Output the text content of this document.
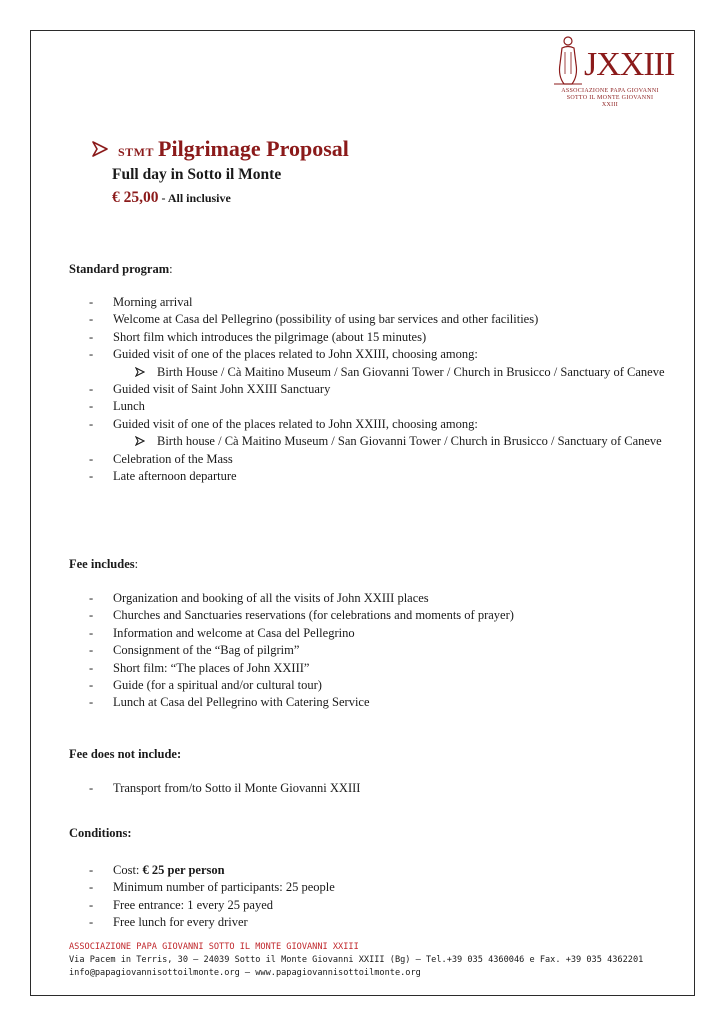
JXXIII
ASSOCIAZIONE PAPA GIOVANNI
SOTTO IL MONTE GIOVANNI XXIII
STMT Pilgrimage Proposal
Full day in Sotto il Monte
€ 25,00 - All inclusive
Standard program:
- Morning arrival
- Welcome at Casa del Pellegrino (possibility of using bar services and other facilities)
- Short film which introduces the pilgrimage (about 15 minutes)
- Guided visit of one of the places related to John XXIII, choosing among:
Birth House / Cà Maitino Museum / San Giovanni Tower / Church in Brusicco / Sanctuary of Caneve
- Guided visit of Saint John XXIII Sanctuary
- Lunch
- Guided visit of one of the places related to John XXIII, choosing among:
Birth house / Cà Maitino Museum / San Giovanni Tower / Church in Brusicco / Sanctuary of Caneve
- Celebration of the Mass
- Late afternoon departure
Fee includes:
- Organization and booking of all the visits of John XXIII places
- Churches and Sanctuaries reservations (for celebrations and moments of prayer)
- Information and welcome at Casa del Pellegrino
- Consignment of the “Bag of pilgrim”
- Short film: “The places of John XXIII”
- Guide (for a spiritual and/or cultural tour)
- Lunch at Casa del Pellegrino with Catering Service
Fee does not include:
- Transport from/to Sotto il Monte Giovanni XXIII
Conditions:
- Cost: € 25 per person
- Minimum number of participants: 25 people
- Free entrance: 1 every 25 payed
- Free lunch for every driver
ASSOCIAZIONE PAPA GIOVANNI SOTTO IL MONTE GIOVANNI XXIII
Via Pacem in Terris, 30 – 24039 Sotto il Monte Giovanni XXIII (Bg) – Tel.+39 035 4360046 e Fax. +39 035 4362201
info@papagiovannisottoilmonte.org – www.papagiovannisottoilmonte.org
